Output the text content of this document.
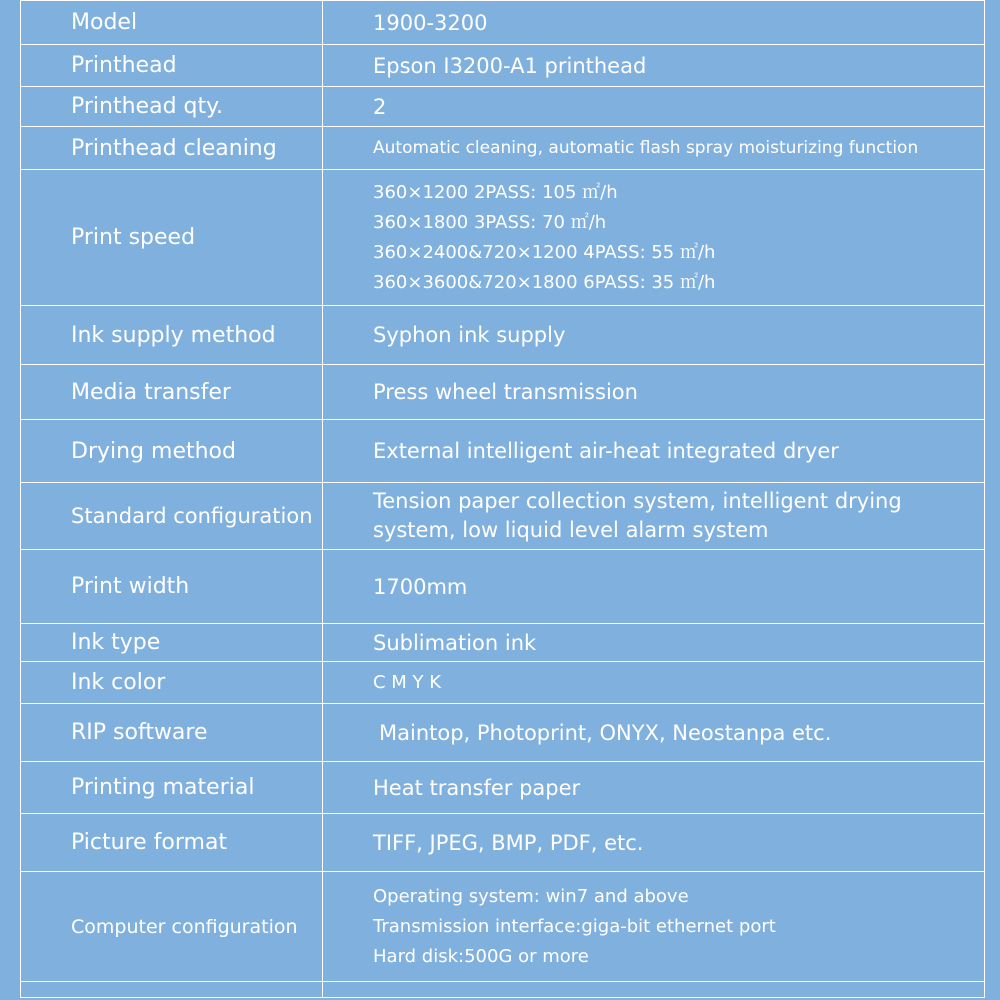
Model	1900-3200

Printhead	Epson I3200-A1 printhead

Printhead qty.	2

Printhead cleaning	Automatic cleaning, automatic flash spray moisturizing function

Print speed	360×1200 2PASS: 105 ㎡/h
360×1800 3PASS: 70 ㎡/h
360×2400&720×1200 4PASS: 55 ㎡/h
360×3600&720×1800 6PASS: 35 ㎡/h

Ink supply method	Syphon ink supply

Media transfer	Press wheel transmission

Drying method	External intelligent air-heat integrated dryer

Standard configuration	Tension paper collection system, intelligent drying
system, low liquid level alarm system

Print width	1700mm

Ink type	Sublimation ink

Ink color	C M Y K

RIP software	Maintop, Photoprint, ONYX, Neostanpa etc.

Printing material	Heat transfer paper

Picture format	TIFF, JPEG, BMP, PDF, etc.

Computer configuration	Operating system: win7 and above
Transmission interface:giga-bit ethernet port
Hard disk:500G or more
